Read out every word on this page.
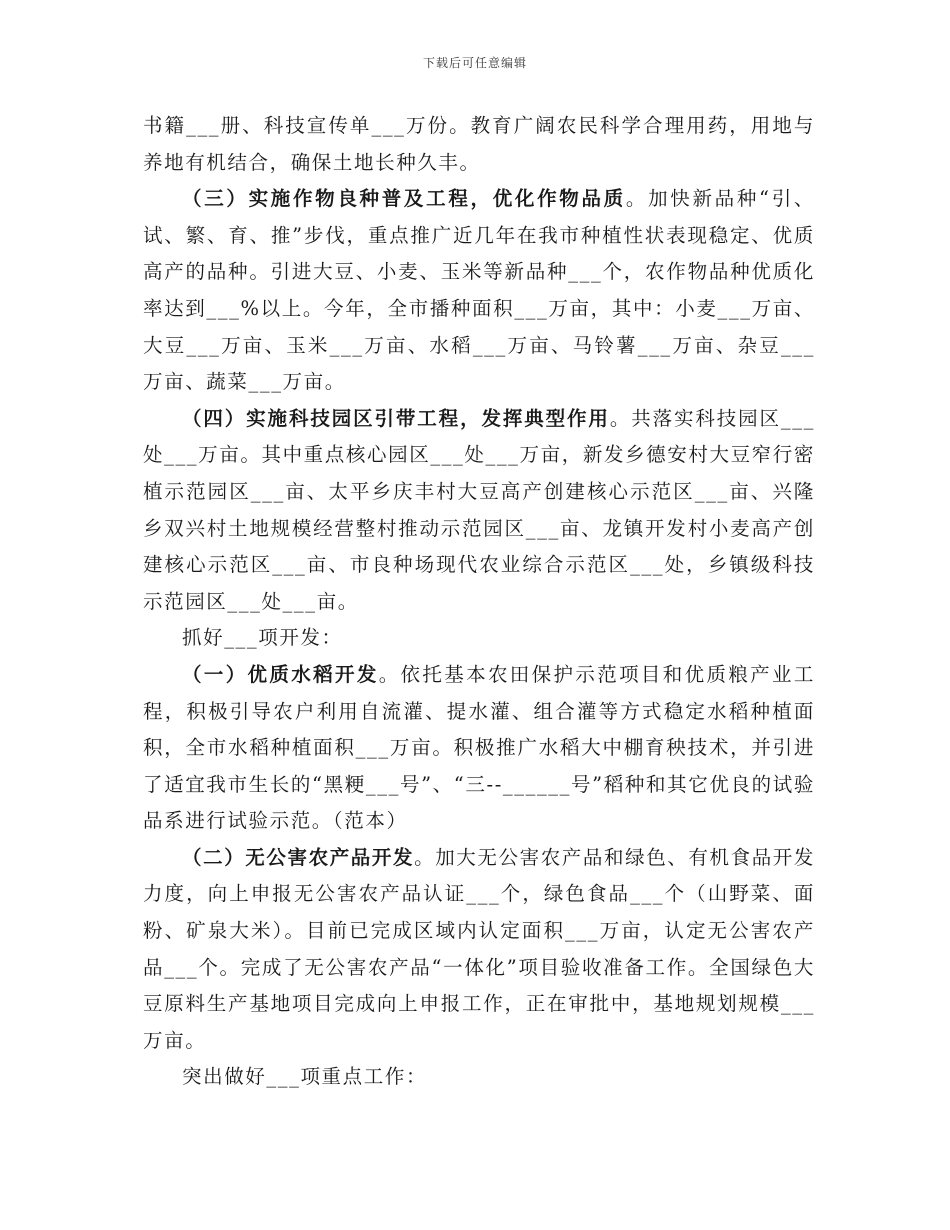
下载后可任意编辑

书籍___册、科技宣传单___万份。教育广阔农民科学合理用药，用地与养地有机结合，确保土地长种久丰。

（三）实施作物良种普及工程，优化作物品质。加快新品种“引、试、繁、育、推”步伐，重点推广近几年在我市种植性状表现稳定、优质高产的品种。引进大豆、小麦、玉米等新品种___个，农作物品种优质化率达到___%以上。今年，全市播种面积___万亩，其中：小麦___万亩、大豆___万亩、玉米___万亩、水稻___万亩、马铃薯___万亩、杂豆___万亩、蔬菜___万亩。

（四）实施科技园区引带工程，发挥典型作用。共落实科技园区___处___万亩。其中重点核心园区___处___万亩，新发乡德安村大豆窄行密植示范园区___亩、太平乡庆丰村大豆高产创建核心示范区___亩、兴隆乡双兴村土地规模经营整村推动示范园区___亩、龙镇开发村小麦高产创建核心示范区___亩、市良种场现代农业综合示范区___处，乡镇级科技示范园区___处___亩。

抓好___项开发：

（一）优质水稻开发。依托基本农田保护示范项目和优质粮产业工程，积极引导农户利用自流灌、提水灌、组合灌等方式稳定水稻种植面积，全市水稻种植面积___万亩。积极推广水稻大中棚育秧技术，并引进了适宜我市生长的“黑粳___号”、“三--______号”稻种和其它优良的试验品系进行试验示范。（范本）

（二）无公害农产品开发。加大无公害农产品和绿色、有机食品开发力度，向上申报无公害农产品认证___个，绿色食品___个（山野菜、面粉、矿泉大米）。目前已完成区域内认定面积___万亩，认定无公害农产品___个。完成了无公害农产品“一体化”项目验收准备工作。全国绿色大豆原料生产基地项目完成向上申报工作，正在审批中，基地规划规模___万亩。

突出做好___项重点工作：
